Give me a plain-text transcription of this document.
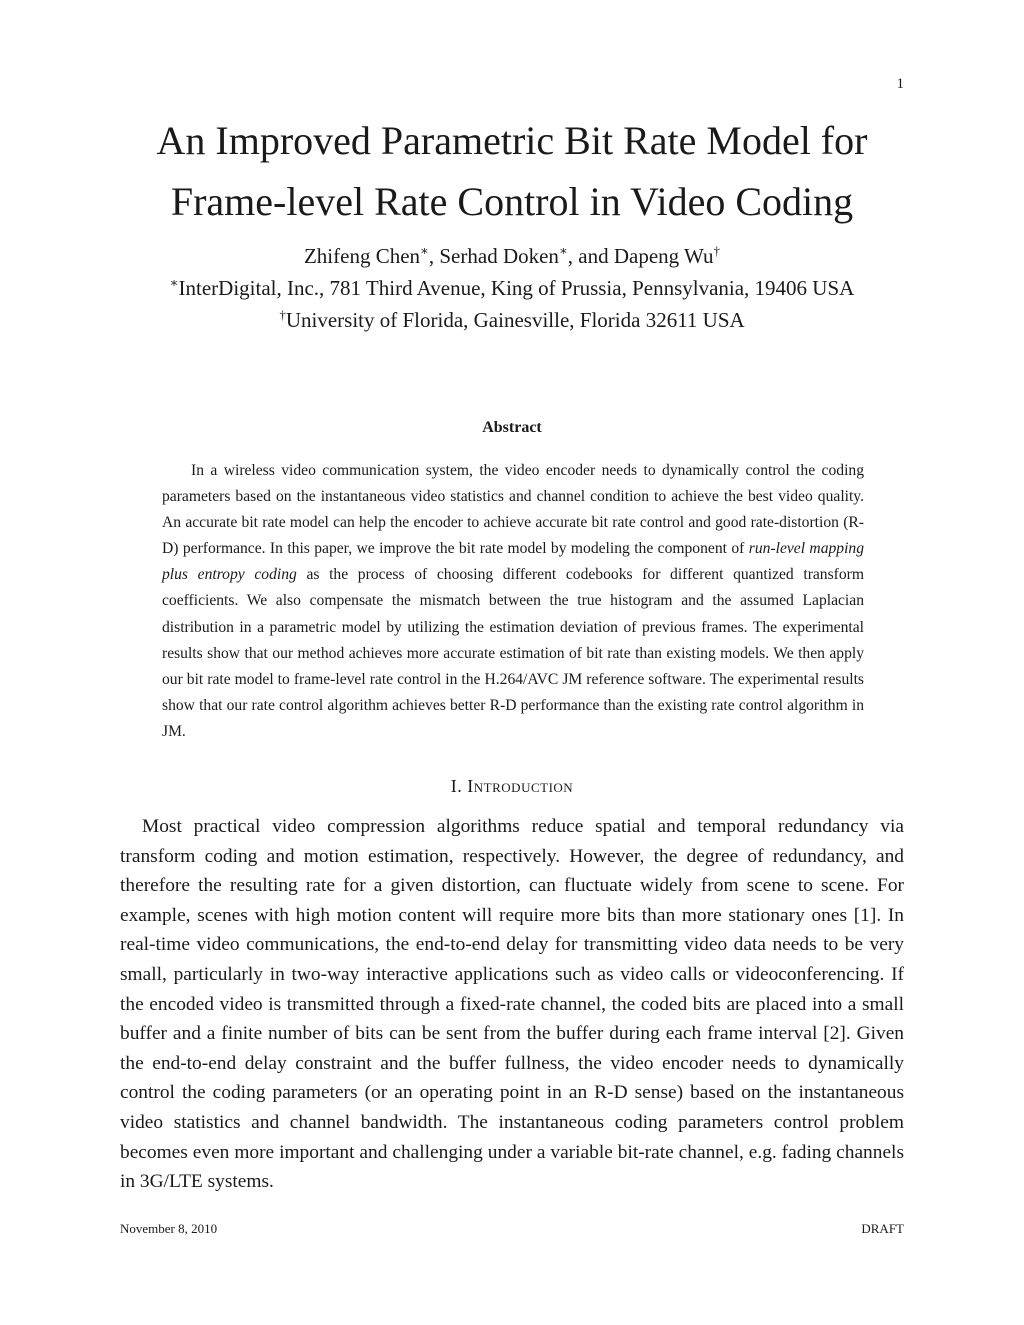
1
An Improved Parametric Bit Rate Model for
Frame-level Rate Control in Video Coding
Zhifeng Chen∗, Serhad Doken∗, and Dapeng Wu†
∗InterDigital, Inc., 781 Third Avenue, King of Prussia, Pennsylvania, 19406 USA
†University of Florida, Gainesville, Florida 32611 USA
Abstract

In a wireless video communication system, the video encoder needs to dynamically control the coding parameters based on the instantaneous video statistics and channel condition to achieve the best video quality. An accurate bit rate model can help the encoder to achieve accurate bit rate control and good rate-distortion (R-D) performance. In this paper, we improve the bit rate model by modeling the component of run-level mapping plus entropy coding as the process of choosing different codebooks for different quantized transform coefficients. We also compensate the mismatch between the true histogram and the assumed Laplacian distribution in a parametric model by utilizing the estimation deviation of previous frames. The experimental results show that our method achieves more accurate estimation of bit rate than existing models. We then apply our bit rate model to frame-level rate control in the H.264/AVC JM reference software. The experimental results show that our rate control algorithm achieves better R-D performance than the existing rate control algorithm in JM.

I. Introduction

Most practical video compression algorithms reduce spatial and temporal redundancy via transform coding and motion estimation, respectively. However, the degree of redundancy, and therefore the resulting rate for a given distortion, can fluctuate widely from scene to scene. For example, scenes with high motion content will require more bits than more stationary ones [1]. In real-time video communications, the end-to-end delay for transmitting video data needs to be very small, particularly in two-way interactive applications such as video calls or videoconferencing. If the encoded video is transmitted through a fixed-rate channel, the coded bits are placed into a small buffer and a finite number of bits can be sent from the buffer during each frame interval [2]. Given the end-to-end delay constraint and the buffer fullness, the video encoder needs to dynamically control the coding parameters (or an operating point in an R-D sense) based on the instantaneous video statistics and channel bandwidth. The instantaneous coding parameters control problem becomes even more important and challenging under a variable bit-rate channel, e.g. fading channels in 3G/LTE systems.

November 8, 2010	DRAFT
